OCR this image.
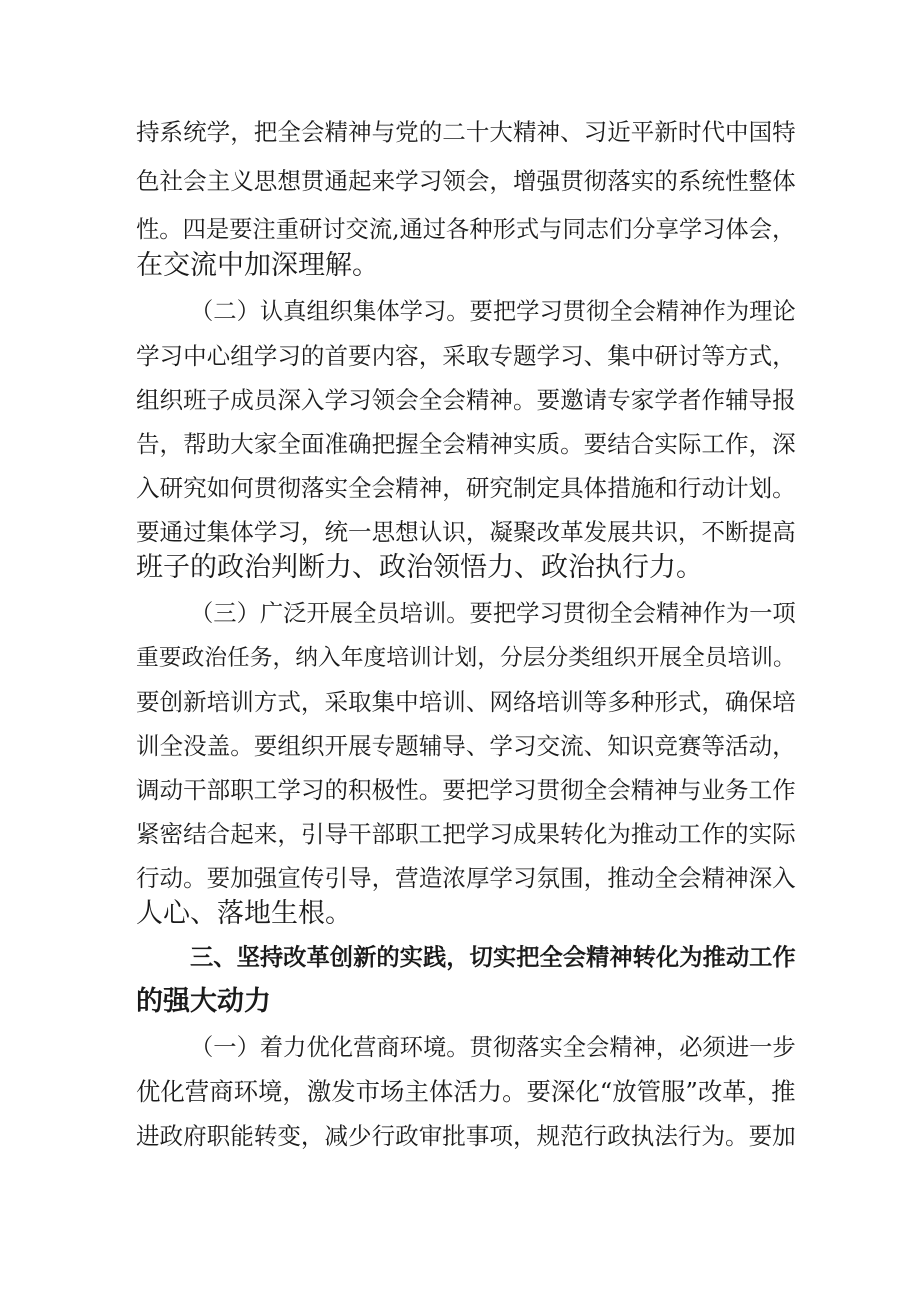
持系统学，把全会精神与党的二十大精神、习近平新时代中国特
色社会主义思想贯通起来学习领会，增强贯彻落实的系统性整体
性。四是要注重研讨交流,通过各种形式与同志们分享学习体会，
在交流中加深理解。
（二）认真组织集体学习。要把学习贯彻全会精神作为理论
学习中心组学习的首要内容，采取专题学习、集中研讨等方式，
组织班子成员深入学习领会全会精神。要邀请专家学者作辅导报
告，帮助大家全面准确把握全会精神实质。要结合实际工作，深
入研究如何贯彻落实全会精神，研究制定具体措施和行动计划。
要通过集体学习，统一思想认识，凝聚改革发展共识，不断提高
班子的政治判断力、政治领悟力、政治执行力。
（三）广泛开展全员培训。要把学习贯彻全会精神作为一项
重要政治任务，纳入年度培训计划，分层分类组织开展全员培训。
要创新培训方式，采取集中培训、网络培训等多种形式，确保培
训全没盖。要组织开展专题辅导、学习交流、知识竞赛等活动，
调动干部职工学习的积极性。要把学习贯彻全会精神与业务工作
紧密结合起来，引导干部职工把学习成果转化为推动工作的实际
行动。要加强宣传引导，营造浓厚学习氛围，推动全会精神深入
人心、落地生根。
三、坚持改革创新的实践，切实把全会精神转化为推动工作
的强大动力
（一）着力优化营商环境。贯彻落实全会精神，必须进一步
优化营商环境，激发市场主体活力。要深化“放管服”改革，推
进政府职能转变，减少行政审批事项，规范行政执法行为。要加
